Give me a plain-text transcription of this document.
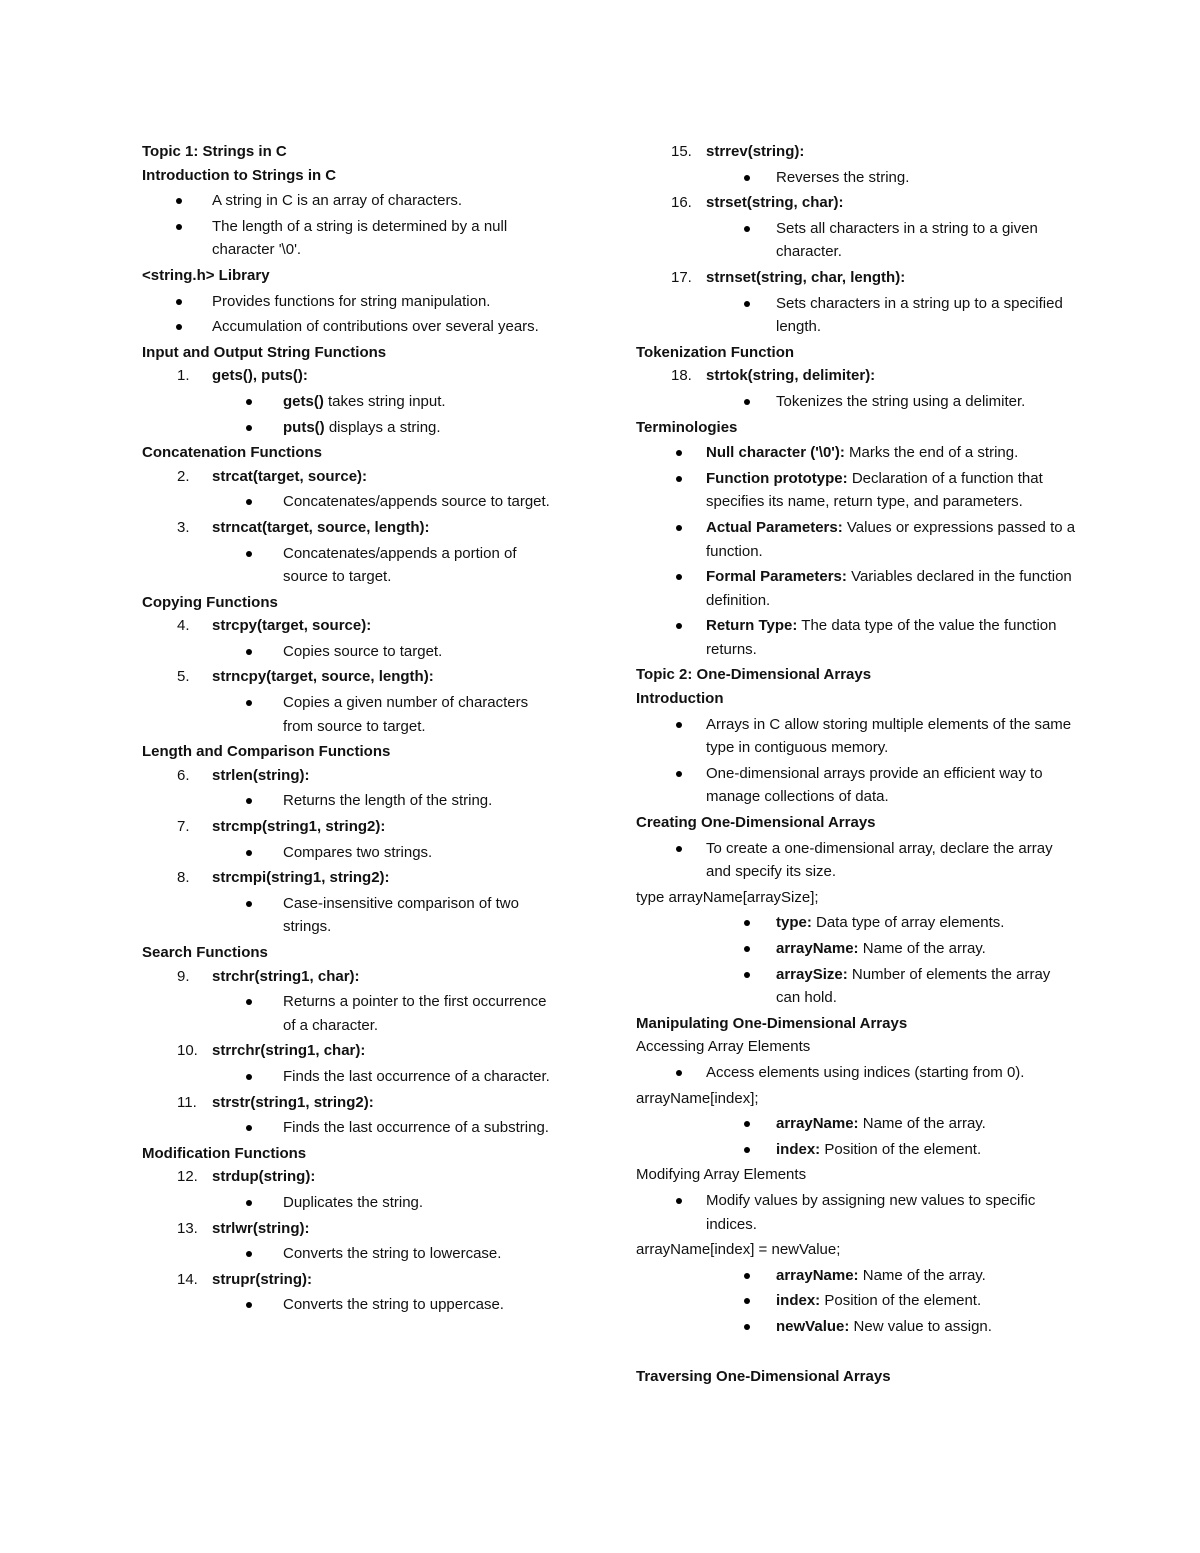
Topic 1: Strings in C

Introduction to Strings in C

A string in C is an array of characters.
The length of a string is determined by a null character '\0'.

<string.h> Library

Provides functions for string manipulation.
Accumulation of contributions over several years.

Input and Output String Functions

1. gets(), puts():
gets() takes string input.
puts() displays a string.

Concatenation Functions

2. strcat(target, source):
Concatenates/appends source to target.
3. strncat(target, source, length):
Concatenates/appends a portion of source to target.

Copying Functions

4. strcpy(target, source):
Copies source to target.
5. strncpy(target, source, length):
Copies a given number of characters from source to target.

Length and Comparison Functions

6. strlen(string):
Returns the length of the string.
7. strcmp(string1, string2):
Compares two strings.
8. strcmpi(string1, string2):
Case-insensitive comparison of two strings.

Search Functions

9. strchr(string1, char):
Returns a pointer to the first occurrence of a character.
10. strrchr(string1, char):
Finds the last occurrence of a character.
11. strstr(string1, string2):
Finds the last occurrence of a substring.

Modification Functions

12. strdup(string):
Duplicates the string.
13. strlwr(string):
Converts the string to lowercase.
14. strupr(string):
Converts the string to uppercase.
15. strrev(string):
Reverses the string.
16. strset(string, char):
Sets all characters in a string to a given character.
17. strnset(string, char, length):
Sets characters in a string up to a specified length.

Tokenization Function

18. strtok(string, delimiter):
Tokenizes the string using a delimiter.

Terminologies

Null character ('\0'): Marks the end of a string.
Function prototype: Declaration of a function that specifies its name, return type, and parameters.
Actual Parameters: Values or expressions passed to a function.
Formal Parameters: Variables declared in the function definition.
Return Type: The data type of the value the function returns.

Topic 2: One-Dimensional Arrays

Introduction

Arrays in C allow storing multiple elements of the same type in contiguous memory.
One-dimensional arrays provide an efficient way to manage collections of data.

Creating One-Dimensional Arrays

To create a one-dimensional array, declare the array and specify its size.

type arrayName[arraySize];

type: Data type of array elements.
arrayName: Name of the array.
arraySize: Number of elements the array can hold.

Manipulating One-Dimensional Arrays

Accessing Array Elements

Access elements using indices (starting from 0).

arrayName[index];

arrayName: Name of the array.
index: Position of the element.

Modifying Array Elements

Modify values by assigning new values to specific indices.

arrayName[index] = newValue;

arrayName: Name of the array.
index: Position of the element.
newValue: New value to assign.

Traversing One-Dimensional Arrays
